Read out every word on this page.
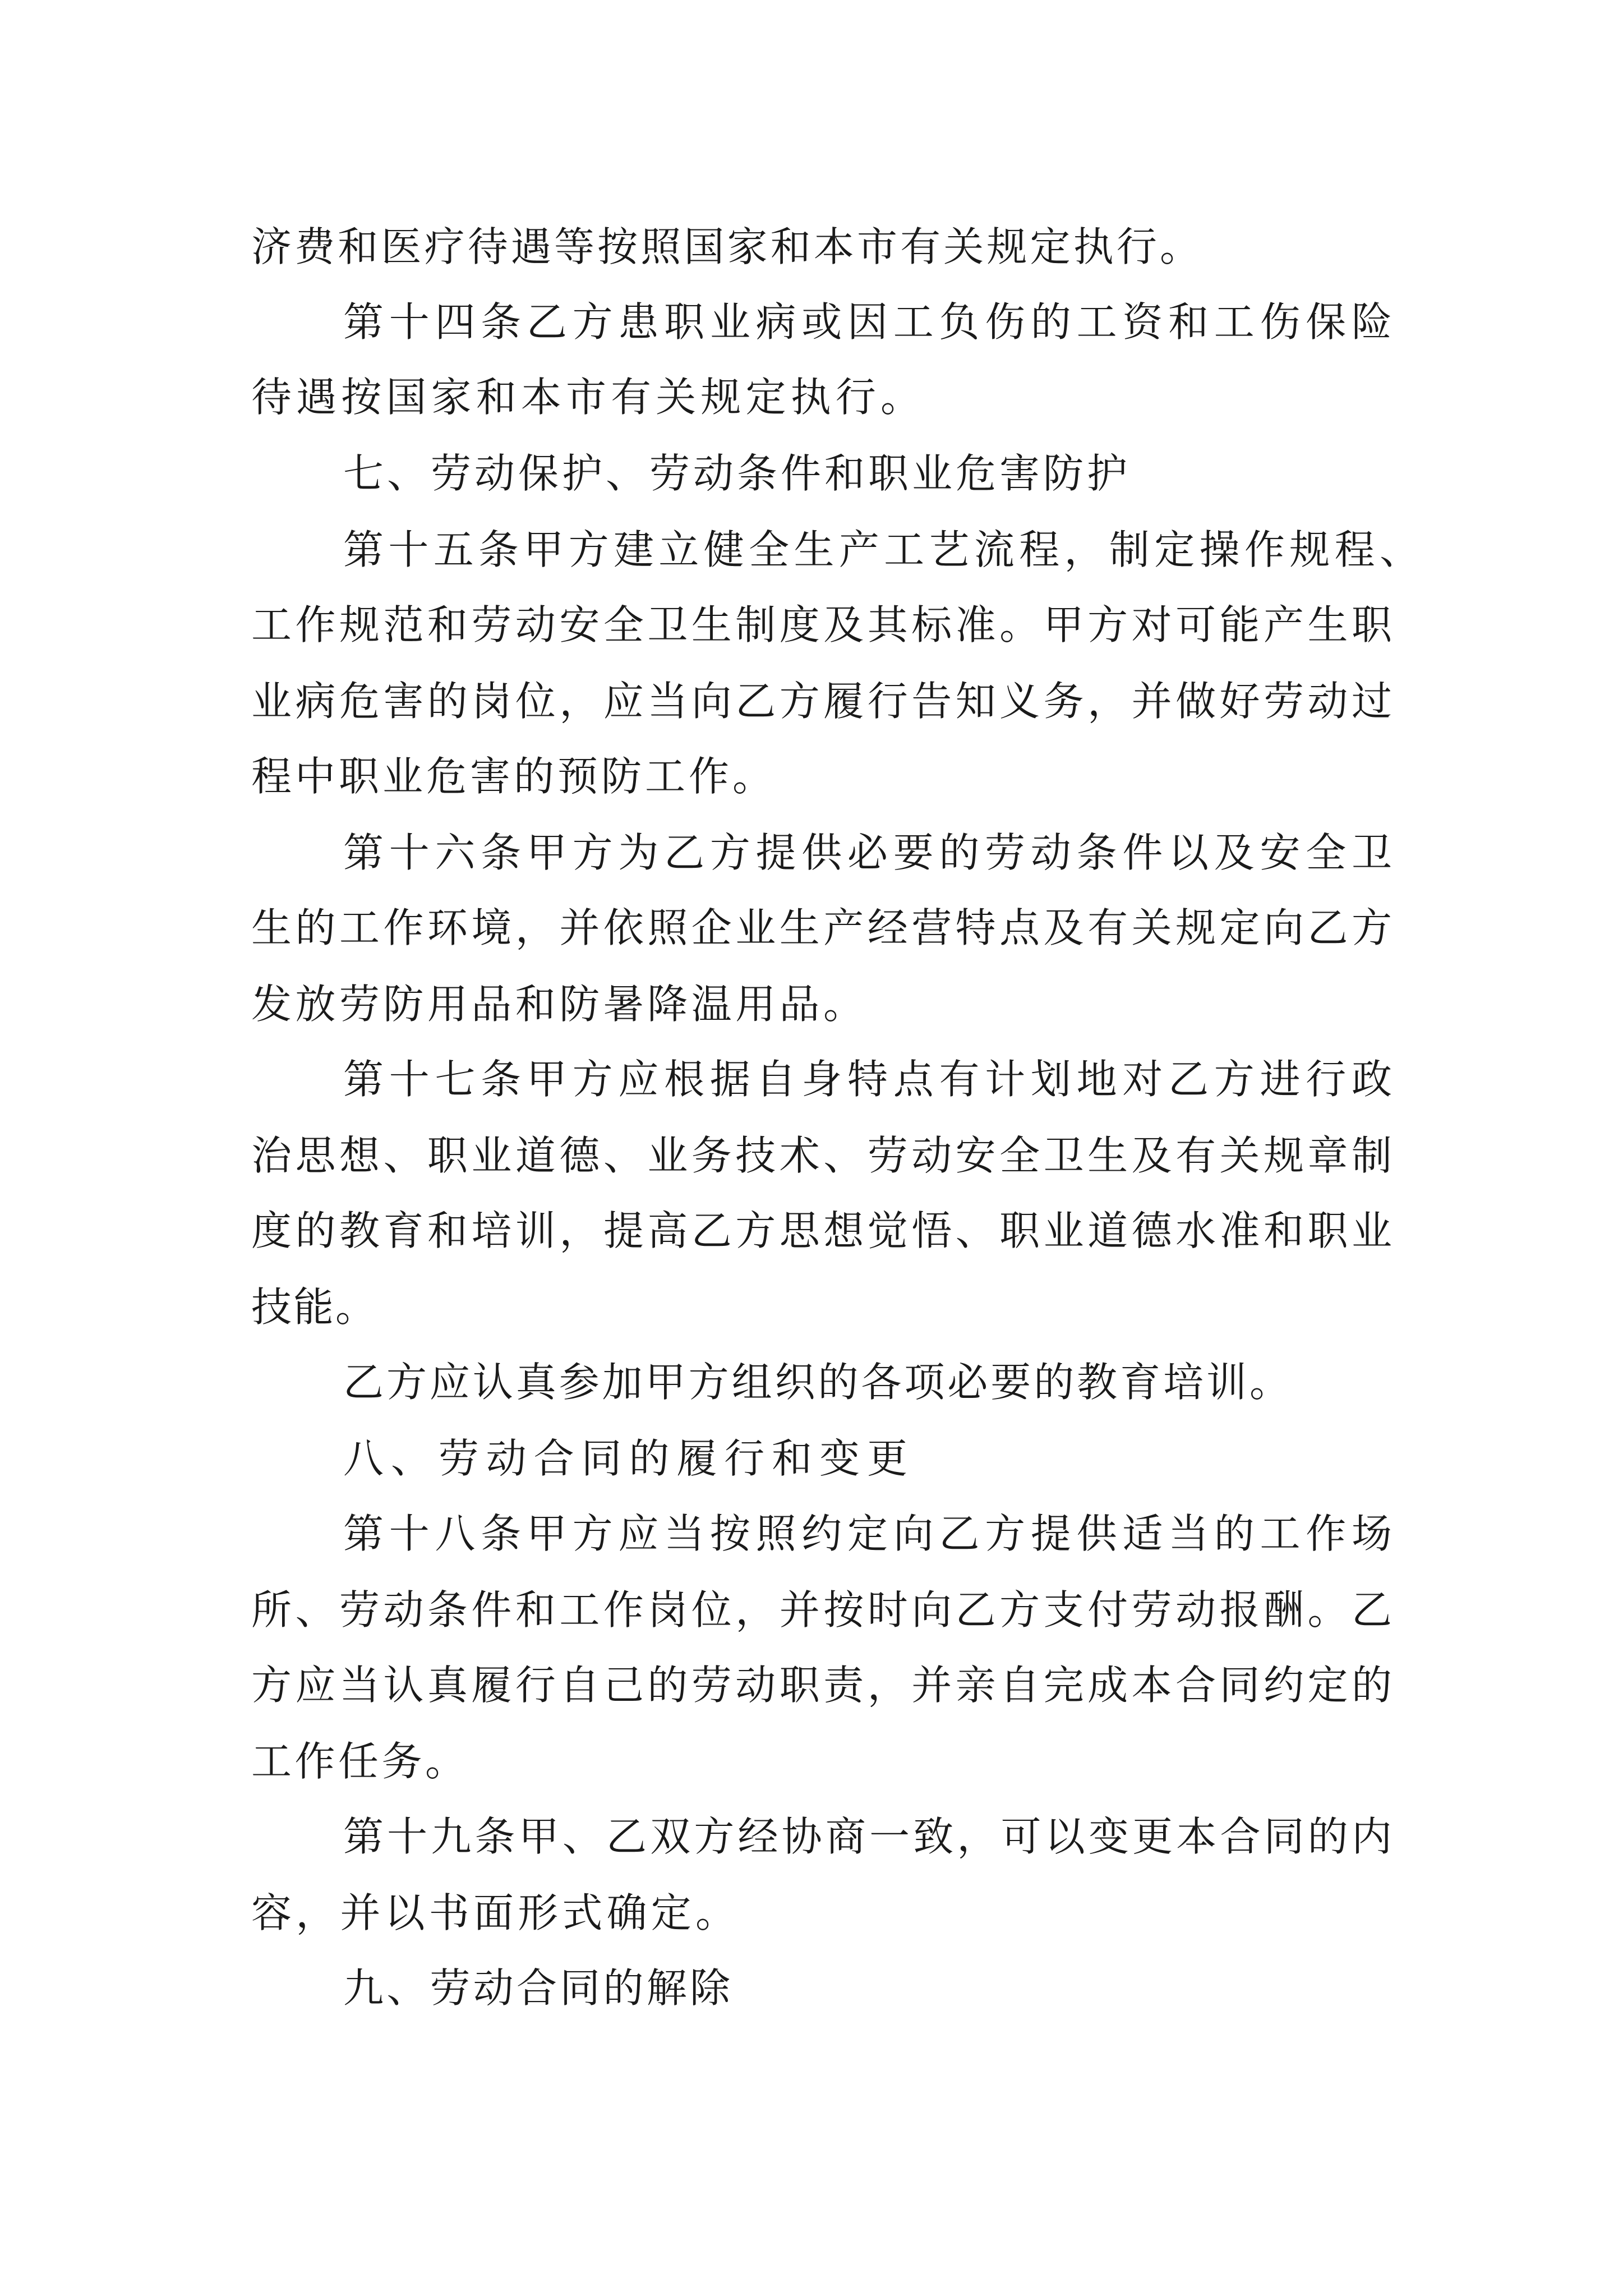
济费和医疗待遇等按照国家和本市有关规定执行。
第十四条乙方患职业病或因工负伤的工资和工伤保险
待遇按国家和本市有关规定执行。
七、劳动保护、劳动条件和职业危害防护
第十五条甲方建立健全生产工艺流程，制定操作规程、
工作规范和劳动安全卫生制度及其标准。甲方对可能产生职
业病危害的岗位，应当向乙方履行告知义务，并做好劳动过
程中职业危害的预防工作。
第十六条甲方为乙方提供必要的劳动条件以及安全卫
生的工作环境，并依照企业生产经营特点及有关规定向乙方
发放劳防用品和防暑降温用品。
第十七条甲方应根据自身特点有计划地对乙方进行政
治思想、职业道德、业务技术、劳动安全卫生及有关规章制
度的教育和培训，提高乙方思想觉悟、职业道德水准和职业
技能。
乙方应认真参加甲方组织的各项必要的教育培训。
八、劳动合同的履行和变更
第十八条甲方应当按照约定向乙方提供适当的工作场
所、劳动条件和工作岗位，并按时向乙方支付劳动报酬。乙
方应当认真履行自己的劳动职责，并亲自完成本合同约定的
工作任务。
第十九条甲、乙双方经协商一致，可以变更本合同的内
容，并以书面形式确定。
九、劳动合同的解除
